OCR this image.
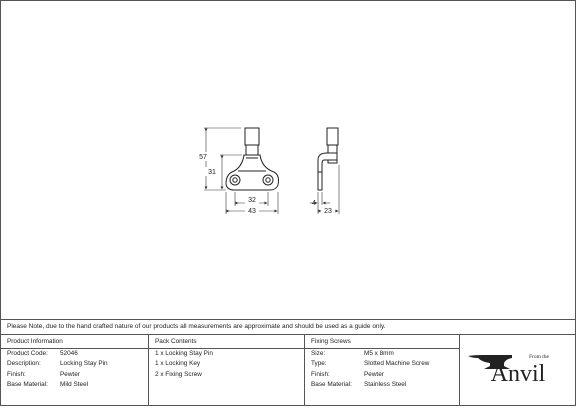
57
31
32
43
4
23
Please Note, due to the hand crafted nature of our products all measurements are approximate and should be used as a guide only.
Product Information
Product Code:	52046
Description:	Locking Stay Pin
Finish:	Pewter
Base Material:	Mild Steel
Pack Contents
1 x Locking Stay Pin
1 x Locking Key
2 x Fixing Screw
Fixing Screws
Size:	M5 x 8mm
Type:	Slotted Machine Screw
Finish:	Pewter
Base Material:	Stainless Steel
From the
Anvil
